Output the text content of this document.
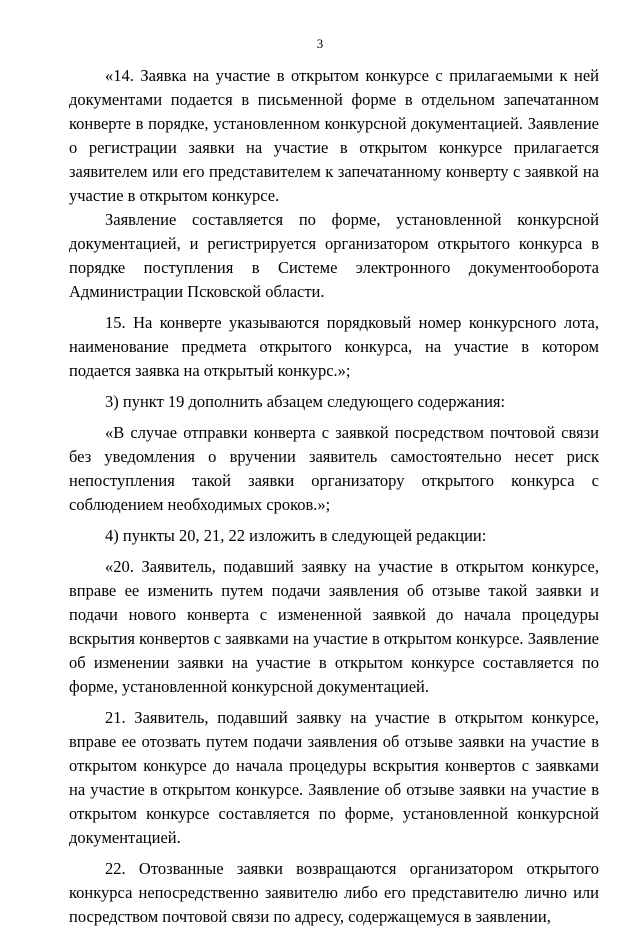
3

«14. Заявка на участие в открытом конкурсе с прилагаемыми к ней документами подается в письменной форме в отдельном запечатанном конверте в порядке, установленном конкурсной документацией. Заявление о регистрации заявки на участие в открытом конкурсе прилагается заявителем или его представителем к запечатанному конверту с заявкой на участие в открытом конкурсе.

Заявление составляется по форме, установленной конкурсной документацией, и регистрируется организатором открытого конкурса в порядке поступления в Системе электронного документооборота Администрации Псковской области.

15. На конверте указываются порядковый номер конкурсного лота, наименование предмета открытого конкурса, на участие в котором подается заявка на открытый конкурс.»;

3) пункт 19 дополнить абзацем следующего содержания:

«В случае отправки конверта с заявкой посредством почтовой связи без уведомления о вручении заявитель самостоятельно несет риск непоступления такой заявки организатору открытого конкурса с соблюдением необходимых сроков.»;

4) пункты 20, 21, 22 изложить в следующей редакции:

«20. Заявитель, подавший заявку на участие в открытом конкурсе, вправе ее изменить путем подачи заявления об отзыве такой заявки и подачи нового конверта с измененной заявкой до начала процедуры вскрытия конвертов с заявками на участие в открытом конкурсе. Заявление об изменении заявки на участие в открытом конкурсе составляется по форме, установленной конкурсной документацией.

21. Заявитель, подавший заявку на участие в открытом конкурсе, вправе ее отозвать путем подачи заявления об отзыве заявки на участие в открытом конкурсе до начала процедуры вскрытия конвертов с заявками на участие в открытом конкурсе. Заявление об отзыве заявки на участие в открытом конкурсе составляется по форме, установленной конкурсной документацией.

22. Отозванные заявки возвращаются организатором открытого конкурса непосредственно заявителю либо его представителю лично или посредством почтовой связи по адресу, содержащемуся в заявлении,
